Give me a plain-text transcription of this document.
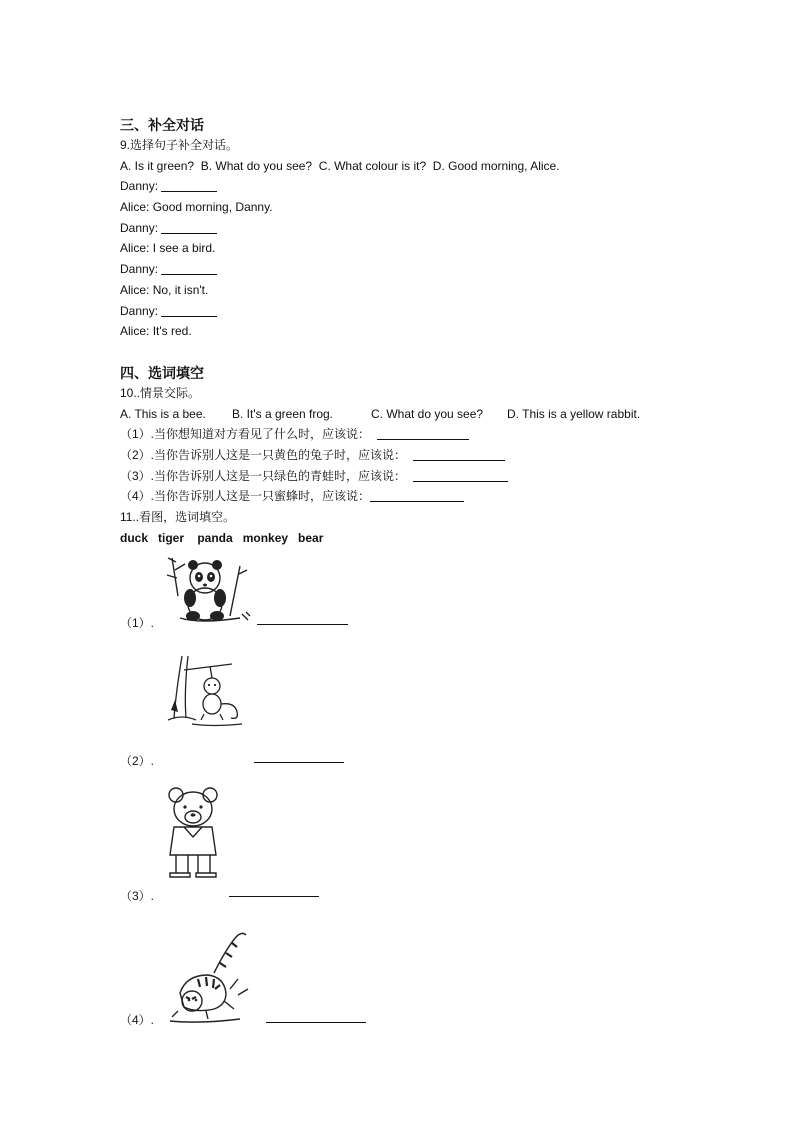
三、补全对话
9.选择句子补全对话。
A. Is it green?  B. What do you see?  C. What colour is it?  D. Good morning, Alice.
Danny:
Alice: Good morning, Danny.
Danny:
Alice: I see a bird.
Danny:
Alice: No, it isn't.
Danny:
Alice: It's red.
四、选词填空
10..情景交际。
A. This is a bee. B. It's a green frog.	C. What do you see? D. This is a yellow rabbit.
（1）.当你想知道对方看见了什么时，应该说：
（2）.当你告诉别人这是一只黄色的兔子时，应该说：
（3）.当你告诉别人这是一只绿色的青蛙时，应该说：
（4）.当你告诉别人这是一只蜜蜂时，应该说：
11..看图，选词填空。
duck   tiger    panda   monkey   bear
（1）.
（2）.
（3）.
（4）.
